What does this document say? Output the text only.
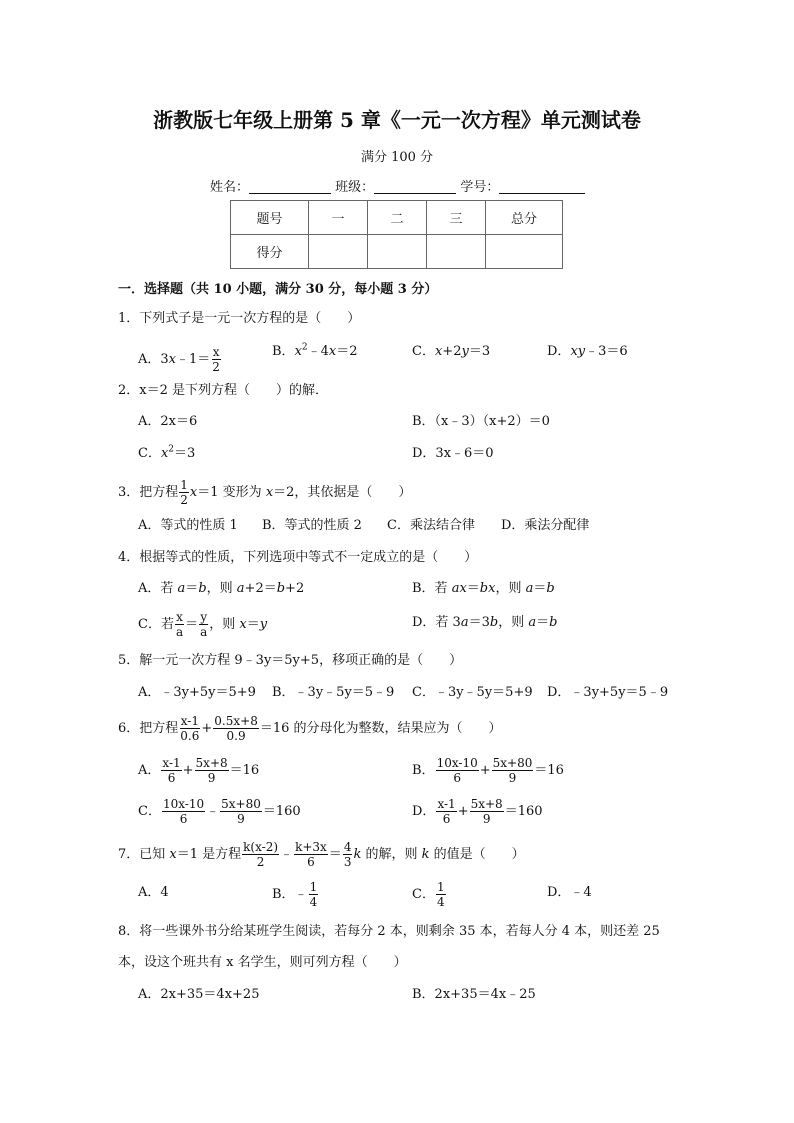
浙教版七年级上册第 5 章《一元一次方程》单元测试卷
满分 100 分
姓名：	班级：	学号：
题号	一	二	三	总分
得分				
一．选择题（共 10 小题，满分 30 分，每小题 3 分）
1．下列式子是一元一次方程的是（　　）
A．3x﹣1＝ $\frac{x}{2}$	B．$x^2﹣4x=2$	C．x+2y＝3	D．xy﹣3＝6
2．x＝2 是下列方程（　　）的解．
A．2x＝6	B．（x﹣3）（x+2）＝0
C．$x^2=3$	D．3x﹣6＝0
3．把方程 $\frac{1}{2} x=1$ 变形为 x＝2，其依据是（　　）
A．等式的性质 1 B．等式的性质 2 C．乘法结合律 D．乘法分配律
4．根据等式的性质，下列选项中等式不一定成立的是（　　）
A．若 a＝b，则 a+2＝b+2	B．若 ax＝bx，则 a＝b
C．若 $\frac{x}{a} = \frac{y}{a}$ ，则 x＝y	D．若 3a＝3b，则 a＝b
5．解一元一次方程 9﹣3y＝5y+5，移项正确的是（　　）
A．﹣3y+5y＝5+9 B．﹣3y﹣5y＝5﹣9 C．﹣3y﹣5y＝5+9 D．﹣3y+5y＝5﹣9
6．把方程 $\frac{x-1}{0.6} + \frac{0.5x+8}{0.9} =16$ 的分母化为整数，结果应为（　　）
A． $\frac{x-1}{6} + \frac{5x+8}{9} =16$	B． $\frac{10x-10}{6} + \frac{5x+80}{9} =16$
C． $\frac{10x-10}{6}$ ﹣ $\frac{5x+80}{9} =160$	D． $\frac{x-1}{6} + \frac{5x+8}{9} =160$
7．已知 x＝1 是方程 $\frac{k(x-2)}{2}$ ﹣ $\frac{k+3x}{6} = \frac{4}{3}$ k 的解，则 k 的值是（　　）
A．4	B．﹣ $\frac{1}{4}$	C． $\frac{1}{4}$	D．﹣4
8．将一些课外书分给某班学生阅读，若每分 2 本，则剩余 35 本，若每人分 4 本，则还差 25
本，设这个班共有 x 名学生，则可列方程（　　）
A．2x+35＝4x+25	B．2x+35＝4x﹣25
